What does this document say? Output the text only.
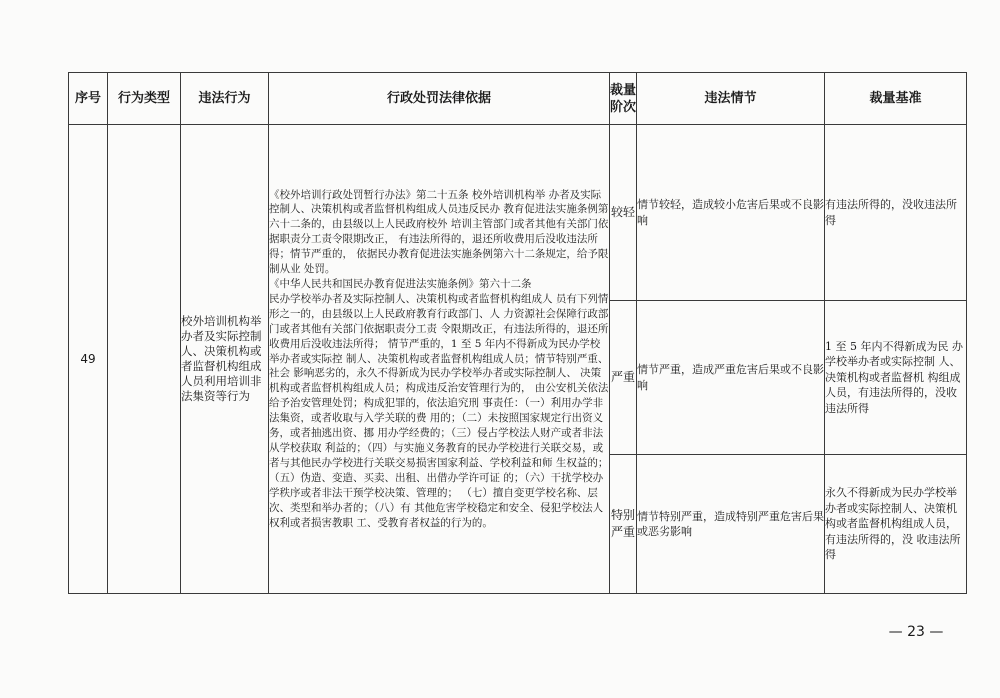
序号	行为类型	违法行为	行政处罚法律依据	裁量阶次	违法情节	裁量基准
49		校外培训机构举办者及实际控制人、决策机构或者监督机构组成人员利用培训非法集资等行为	《校外培训行政处罚暂行办法》第二十五条 校外培训机构举 办者及实际控制人、决策机构或者监督机构组成人员违反民办 教育促进法实施条例第六十二条的，由县级以上人民政府校外 培训主管部门或者其他有关部门依据职责分工责令限期改正， 有违法所得的，退还所收费用后没收违法所得；情节严重的， 依据民办教育促进法实施条例第六十二条规定，给予限制从业 处罚。

《中华人民共和国民办教育促进法实施条例》第六十二条

民办学校举办者及实际控制人、决策机构或者监督机构组成人 员有下列情形之一的，由县级以上人民政府教育行政部门、人 力资源社会保障行政部门或者其他有关部门依据职责分工责 令限期改正，有违法所得的，退还所收费用后没收违法所得； 情节严重的，1 至 5 年内不得新成为民办学校举办者或实际控 制人、决策机构或者监督机构组成人员；情节特别严重、社会 影响恶劣的，永久不得新成为民办学校举办者或实际控制人、 决策机构或者监督机构组成人员；构成违反治安管理行为的， 由公安机关依法给予治安管理处罚；构成犯罪的，依法追究刑 事责任：（一）利用办学非法集资，或者收取与入学关联的费 用的；（二）未按照国家规定行出资义务，或者抽逃出资、挪 用办学经费的；（三）侵占学校法人财产或者非法从学校获取 利益的；（四）与实施义务教育的民办学校进行关联交易，或 者与其他民办学校进行关联交易损害国家利益、学校利益和师 生权益的；（五）伪造、变造、买卖、出租、出借办学许可证 的；（六）干扰学校办学秩序或者非法干预学校决策、管理的； （七）擅自变更学校名称、层次、类型和举办者的；（八）有 其他危害学校稳定和安全、侵犯学校法人权利或者损害教职 工、受教育者权益的行为的。	较轻	情节较轻，造成较小危害后果或不良影响	有违法所得的，没收违法所得
				严重	情节严重，造成严重危害后果或不良影响	1 至 5 年内不得新成为民 办学校举办者或实际控制 人、决策机构或者监督机 构组成人员，有违法所得的，没收违法所得
				特别严重	情节特别严重，造成特别严重危害后果或恶劣影响	永久不得新成为民办学校举办者或实际控制人、决策机构或者监督机构组成人员，有违法所得的，没 收违法所得
— 23 —
